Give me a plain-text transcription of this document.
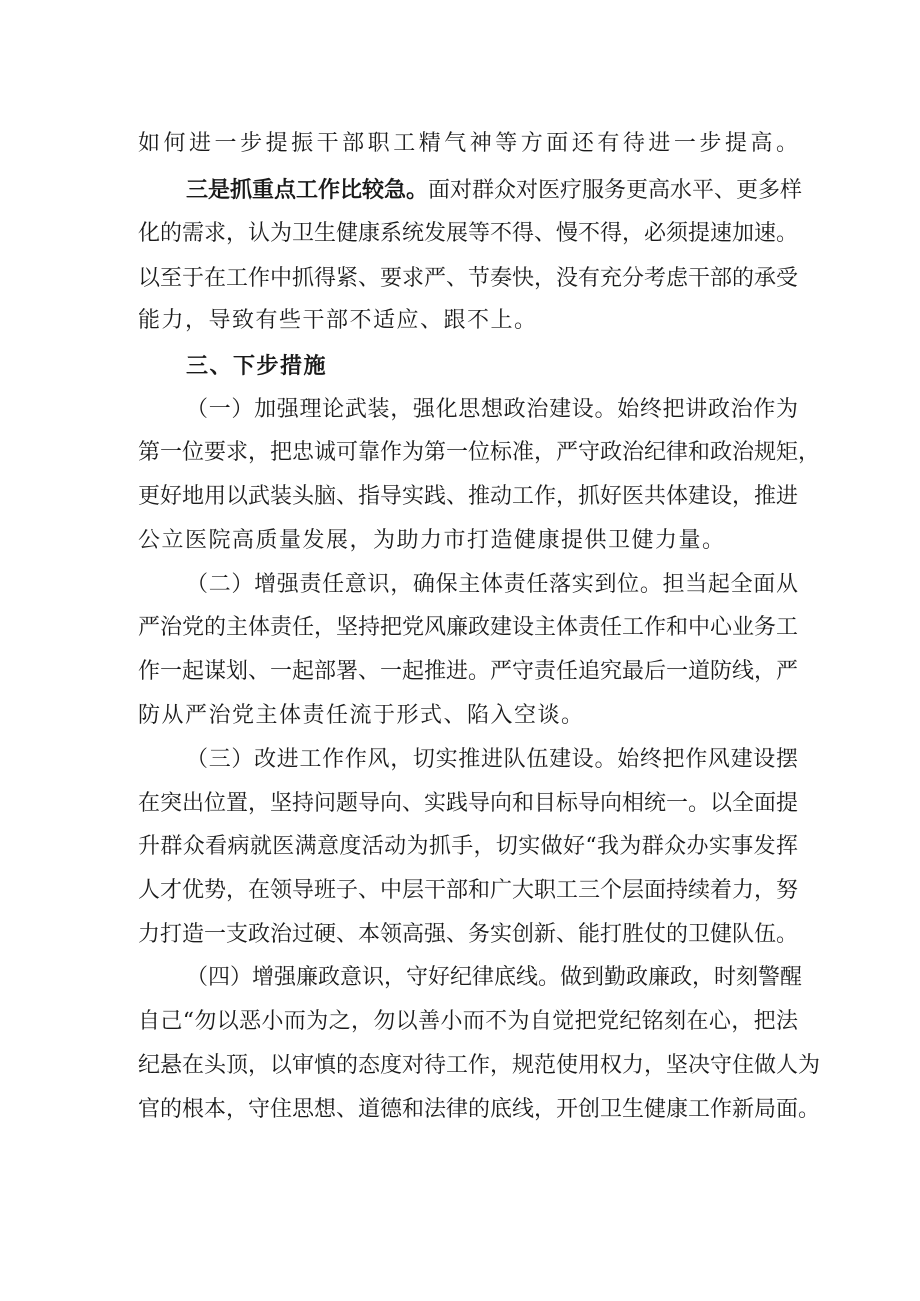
如何进一步提振干部职工精气神等方面还有待进一步提高。
三是抓重点工作比较急。面对群众对医疗服务更高水平、更多样
化的需求，认为卫生健康系统发展等不得、慢不得，必须提速加速。
以至于在工作中抓得紧、要求严、节奏快，没有充分考虑干部的承受
能力，导致有些干部不适应、跟不上。
三、下步措施
（一）加强理论武装，强化思想政治建设。始终把讲政治作为
第一位要求，把忠诚可靠作为第一位标准，严守政治纪律和政治规矩，
更好地用以武装头脑、指导实践、推动工作，抓好医共体建设，推进
公立医院高质量发展，为助力市打造健康提供卫健力量。
（二）增强责任意识，确保主体责任落实到位。担当起全面从
严治党的主体责任，坚持把党风廉政建设主体责任工作和中心业务工
作一起谋划、一起部署、一起推进。严守责任追究最后一道防线，严
防从严治党主体责任流于形式、陷入空谈。
（三）改进工作作风，切实推进队伍建设。始终把作风建设摆
在突出位置，坚持问题导向、实践导向和目标导向相统一。以全面提
升群众看病就医满意度活动为抓手，切实做好“我为群众办实事发挥
人才优势，在领导班子、中层干部和广大职工三个层面持续着力，努
力打造一支政治过硬、本领高强、务实创新、能打胜仗的卫健队伍。
（四）增强廉政意识，守好纪律底线。做到勤政廉政，时刻警醒
自己“勿以恶小而为之，勿以善小而不为自觉把党纪铭刻在心，把法
纪悬在头顶，以审慎的态度对待工作，规范使用权力，坚决守住做人为
官的根本，守住思想、道德和法律的底线，开创卫生健康工作新局面。
